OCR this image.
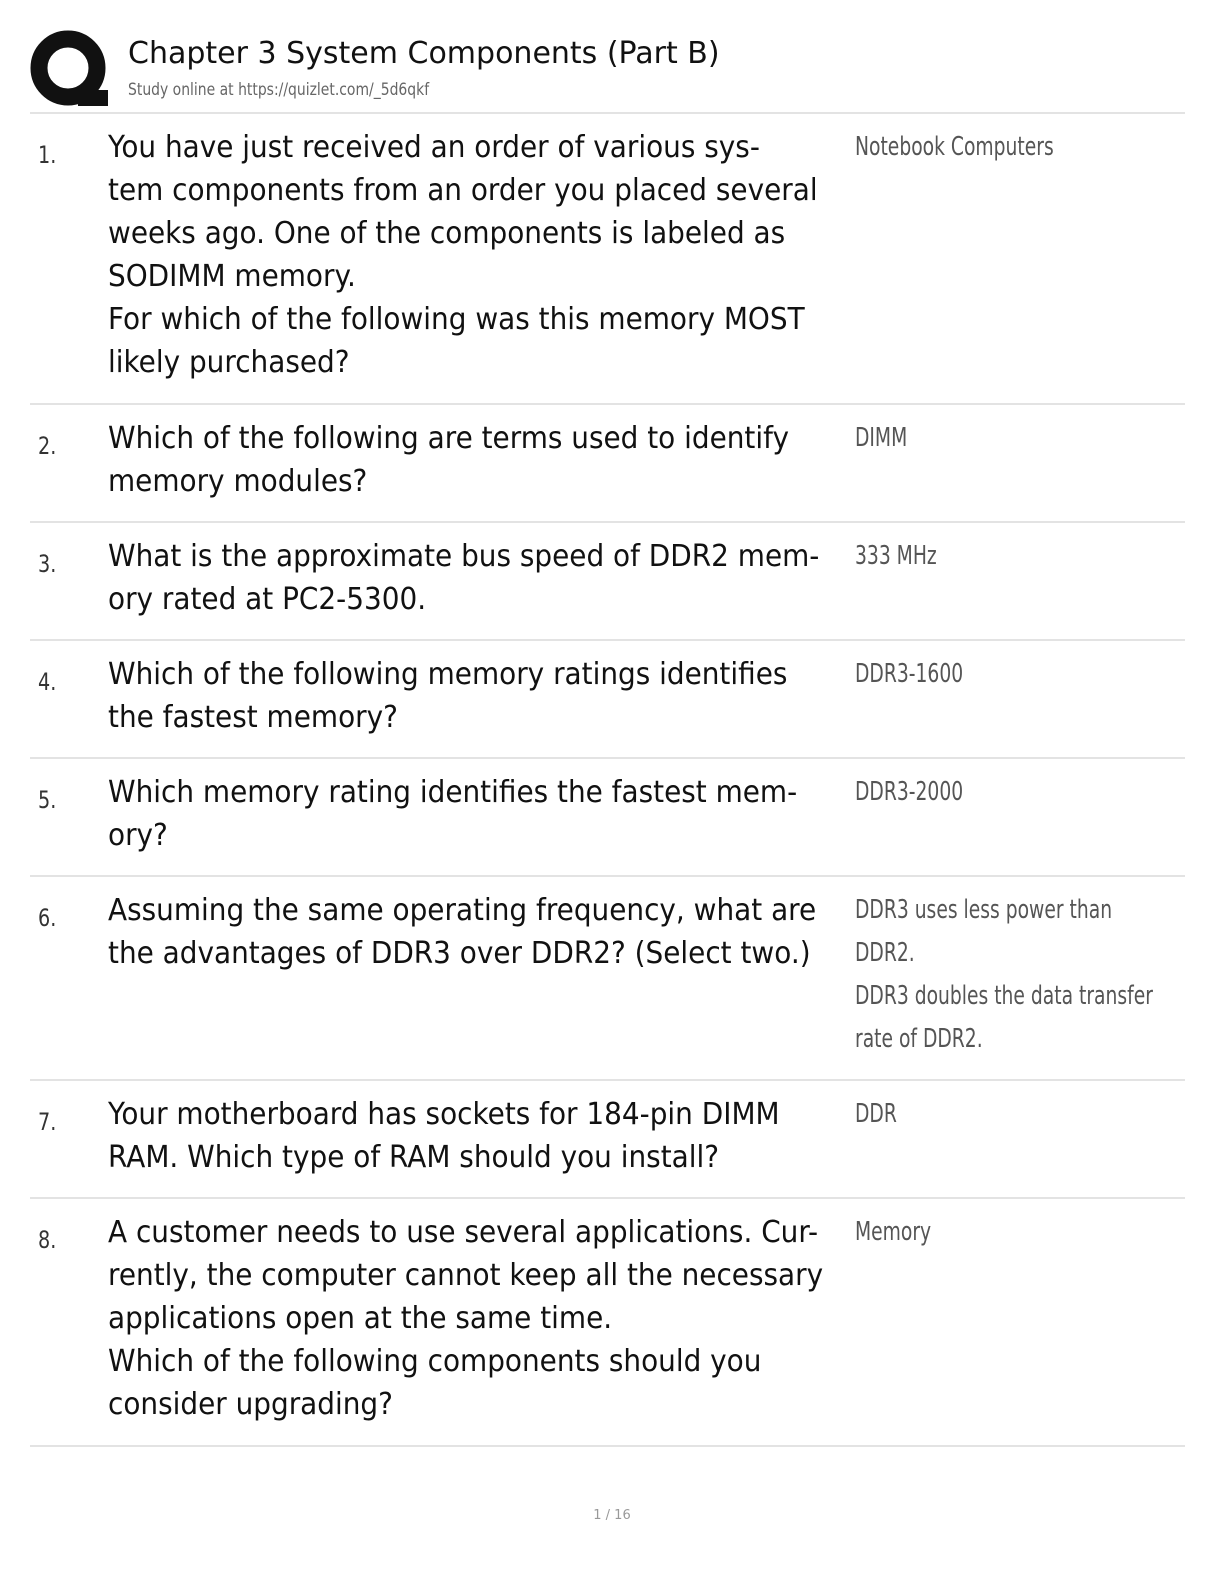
Chapter 3 System Components (Part B)
Study online at https://quizlet.com/_5d6qkf
1. You have just received an order of various sys-
tem components from an order you placed several
weeks ago. One of the components is labeled as
SODIMM memory.
For which of the following was this memory MOST
likely purchased?
Notebook Computers
2. Which of the following are terms used to identify
memory modules?
DIMM
3. What is the approximate bus speed of DDR2 mem-
ory rated at PC2-5300.
333 MHz
4. Which of the following memory ratings identifies
the fastest memory?
DDR3-1600
5. Which memory rating identifies the fastest mem-
ory?
DDR3-2000
6. Assuming the same operating frequency, what are
the advantages of DDR3 over DDR2? (Select two.)
DDR3 uses less power than
DDR2.
DDR3 doubles the data transfer
rate of DDR2.
7. Your motherboard has sockets for 184-pin DIMM
RAM. Which type of RAM should you install?
DDR
8. A customer needs to use several applications. Cur-
rently, the computer cannot keep all the necessary
applications open at the same time.
Which of the following components should you
consider upgrading?
Memory
1 / 16
